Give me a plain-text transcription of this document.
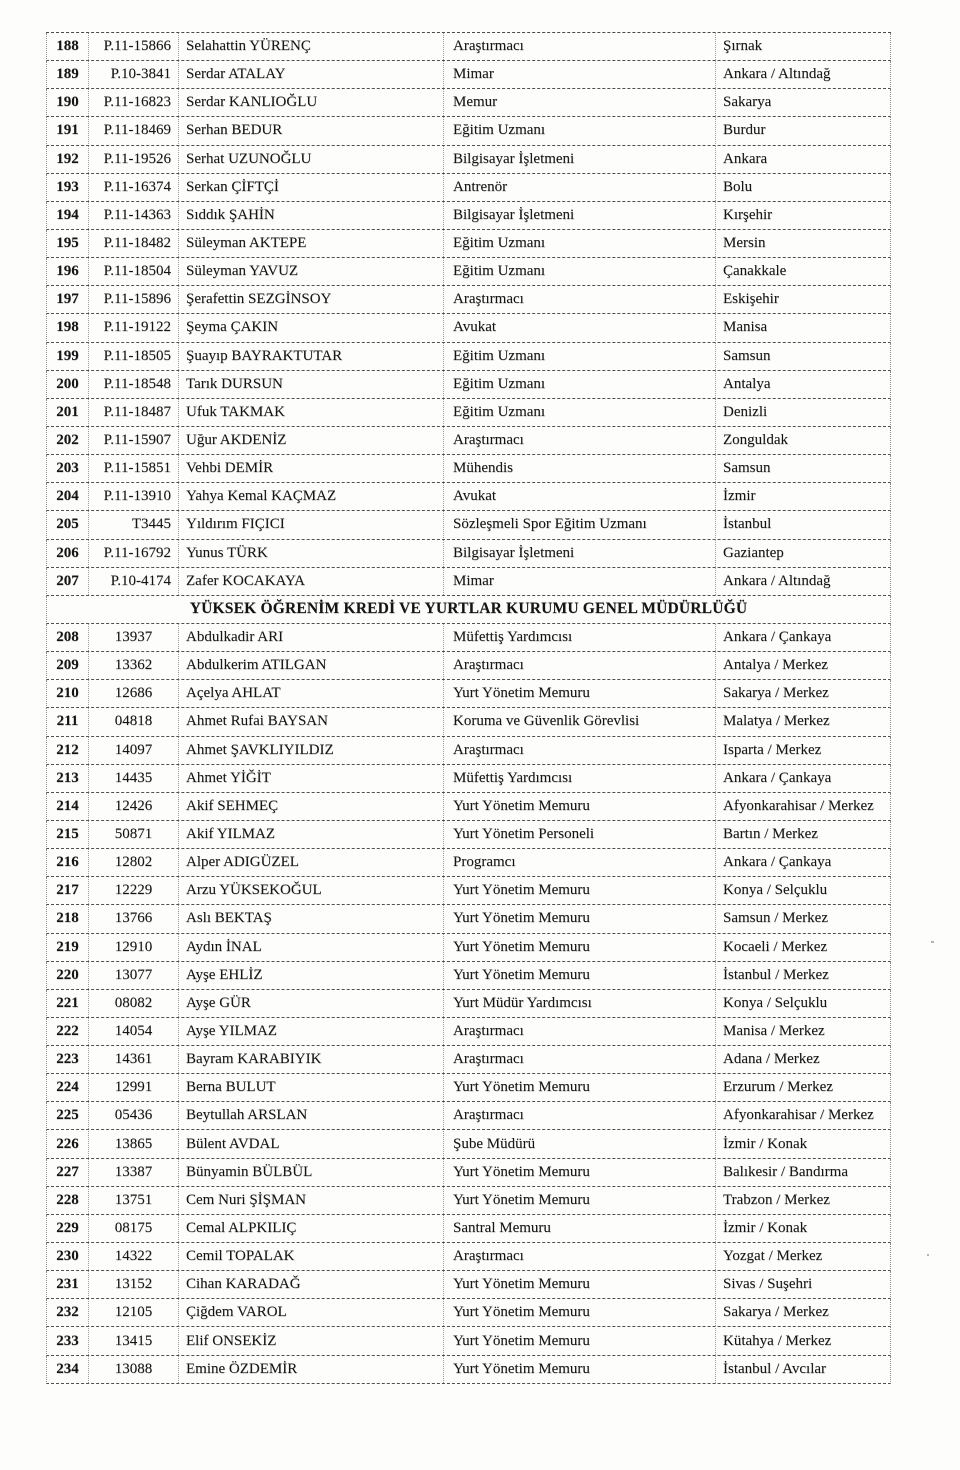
188	P.11-15866	Selahattin YÜRENÇ	Araştırmacı	Şırnak
189	P.10-3841	Serdar ATALAY	Mimar	Ankara / Altındağ
190	P.11-16823	Serdar KANLIOĞLU	Memur	Sakarya
191	P.11-18469	Serhan BEDUR	Eğitim Uzmanı	Burdur
192	P.11-19526	Serhat UZUNOĞLU	Bilgisayar İşletmeni	Ankara
193	P.11-16374	Serkan ÇİFTÇİ	Antrenör	Bolu
194	P.11-14363	Sıddık ŞAHİN	Bilgisayar İşletmeni	Kırşehir
195	P.11-18482	Süleyman AKTEPE	Eğitim Uzmanı	Mersin
196	P.11-18504	Süleyman YAVUZ	Eğitim Uzmanı	Çanakkale
197	P.11-15896	Şerafettin SEZGİNSOY	Araştırmacı	Eskişehir
198	P.11-19122	Şeyma ÇAKIN	Avukat	Manisa
199	P.11-18505	Şuayıp BAYRAKTUTAR	Eğitim Uzmanı	Samsun
200	P.11-18548	Tarık DURSUN	Eğitim Uzmanı	Antalya
201	P.11-18487	Ufuk TAKMAK	Eğitim Uzmanı	Denizli
202	P.11-15907	Uğur AKDENİZ	Araştırmacı	Zonguldak
203	P.11-15851	Vehbi DEMİR	Mühendis	Samsun
204	P.11-13910	Yahya Kemal KAÇMAZ	Avukat	İzmir
205	T3445	Yıldırım FIÇICI	Sözleşmeli Spor Eğitim Uzmanı	İstanbul
206	P.11-16792	Yunus TÜRK	Bilgisayar İşletmeni	Gaziantep
207	P.10-4174	Zafer KOCAKAYA	Mimar	Ankara / Altındağ
YÜKSEK ÖĞRENİM KREDİ VE YURTLAR KURUMU GENEL MÜDÜRLÜĞÜ
208	13937	Abdulkadir ARI	Müfettiş Yardımcısı	Ankara / Çankaya
209	13362	Abdulkerim ATILGAN	Araştırmacı	Antalya / Merkez
210	12686	Açelya AHLAT	Yurt Yönetim Memuru	Sakarya / Merkez
211	04818	Ahmet Rufai BAYSAN	Koruma ve Güvenlik Görevlisi	Malatya / Merkez
212	14097	Ahmet ŞAVKLIYILDIZ	Araştırmacı	Isparta / Merkez
213	14435	Ahmet YİĞİT	Müfettiş Yardımcısı	Ankara / Çankaya
214	12426	Akif SEHMEÇ	Yurt Yönetim Memuru	Afyonkarahisar / Merkez
215	50871	Akif YILMAZ	Yurt Yönetim Personeli	Bartın / Merkez
216	12802	Alper ADIGÜZEL	Programcı	Ankara / Çankaya
217	12229	Arzu YÜKSEKOĞUL	Yurt Yönetim Memuru	Konya / Selçuklu
218	13766	Aslı BEKTAŞ	Yurt Yönetim Memuru	Samsun / Merkez
219	12910	Aydın İNAL	Yurt Yönetim Memuru	Kocaeli / Merkez
220	13077	Ayşe EHLİZ	Yurt Yönetim Memuru	İstanbul / Merkez
221	08082	Ayşe GÜR	Yurt Müdür Yardımcısı	Konya / Selçuklu
222	14054	Ayşe YILMAZ	Araştırmacı	Manisa / Merkez
223	14361	Bayram KARABIYIK	Araştırmacı	Adana / Merkez
224	12991	Berna BULUT	Yurt Yönetim Memuru	Erzurum / Merkez
225	05436	Beytullah ARSLAN	Araştırmacı	Afyonkarahisar / Merkez
226	13865	Bülent AVDAL	Şube Müdürü	İzmir / Konak
227	13387	Bünyamin BÜLBÜL	Yurt Yönetim Memuru	Balıkesir / Bandırma
228	13751	Cem Nuri ŞİŞMAN	Yurt Yönetim Memuru	Trabzon / Merkez
229	08175	Cemal ALPKILIÇ	Santral Memuru	İzmir / Konak
230	14322	Cemil TOPALAK	Araştırmacı	Yozgat / Merkez
231	13152	Cihan KARADAĞ	Yurt Yönetim Memuru	Sivas / Suşehri
232	12105	Çiğdem VAROL	Yurt Yönetim Memuru	Sakarya / Merkez
233	13415	Elif ONSEKİZ	Yurt Yönetim Memuru	Kütahya / Merkez
234	13088	Emine ÖZDEMİR	Yurt Yönetim Memuru	İstanbul / Avcılar
